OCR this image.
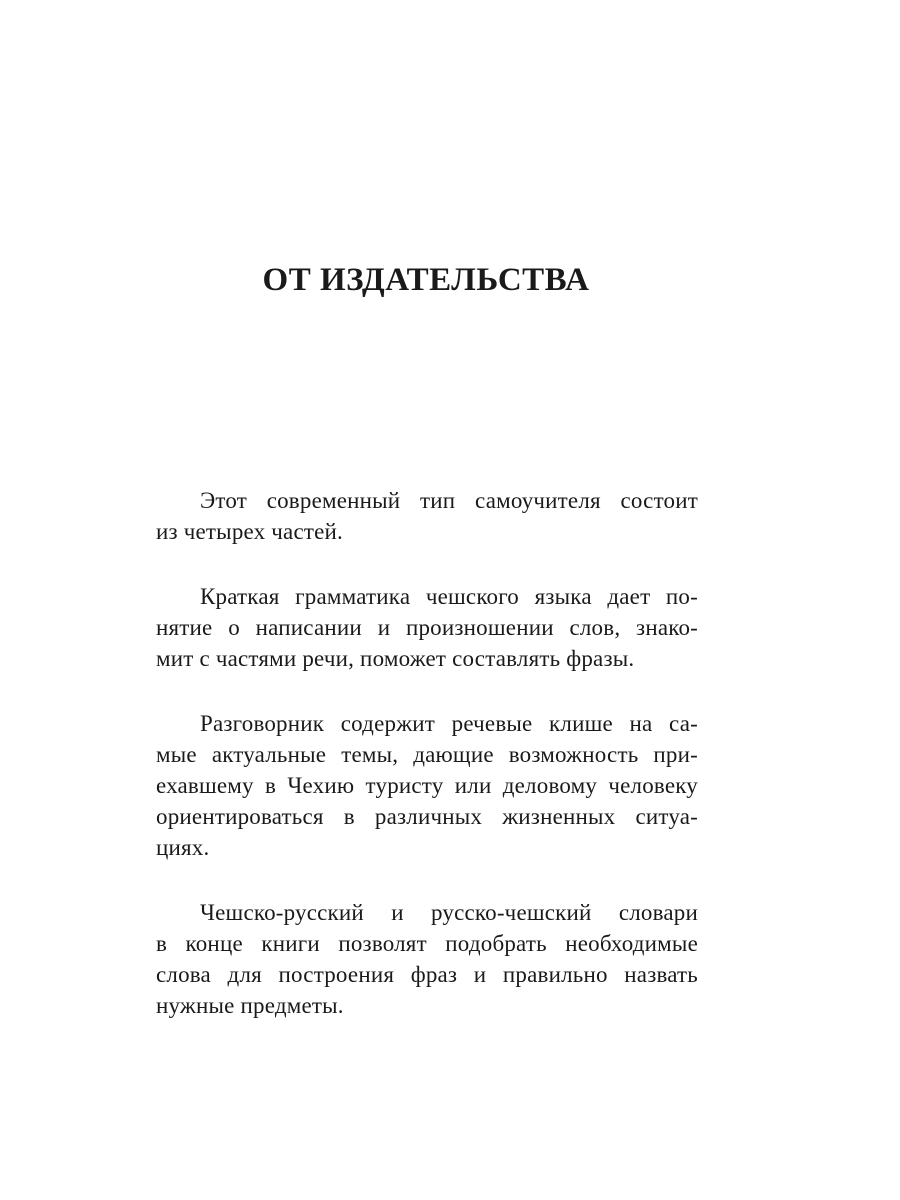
ОТ ИЗДАТЕЛЬСТВА

Этот современный тип самоучителя состоит
из четырех частей.

Краткая грамматика чешского языка дает по-
нятие о написании и произношении слов, знако-
мит с частями речи, поможет составлять фразы.

Разговорник содержит речевые клише на са-
мые актуальные темы, дающие возможность при-
ехавшему в Чехию туристу или деловому человеку
ориентироваться в различных жизненных ситуа-
циях.

Чешско-русский и русско-чешский словари
в конце книги позволят подобрать необходимые
слова для построения фраз и правильно назвать
нужные предметы.
